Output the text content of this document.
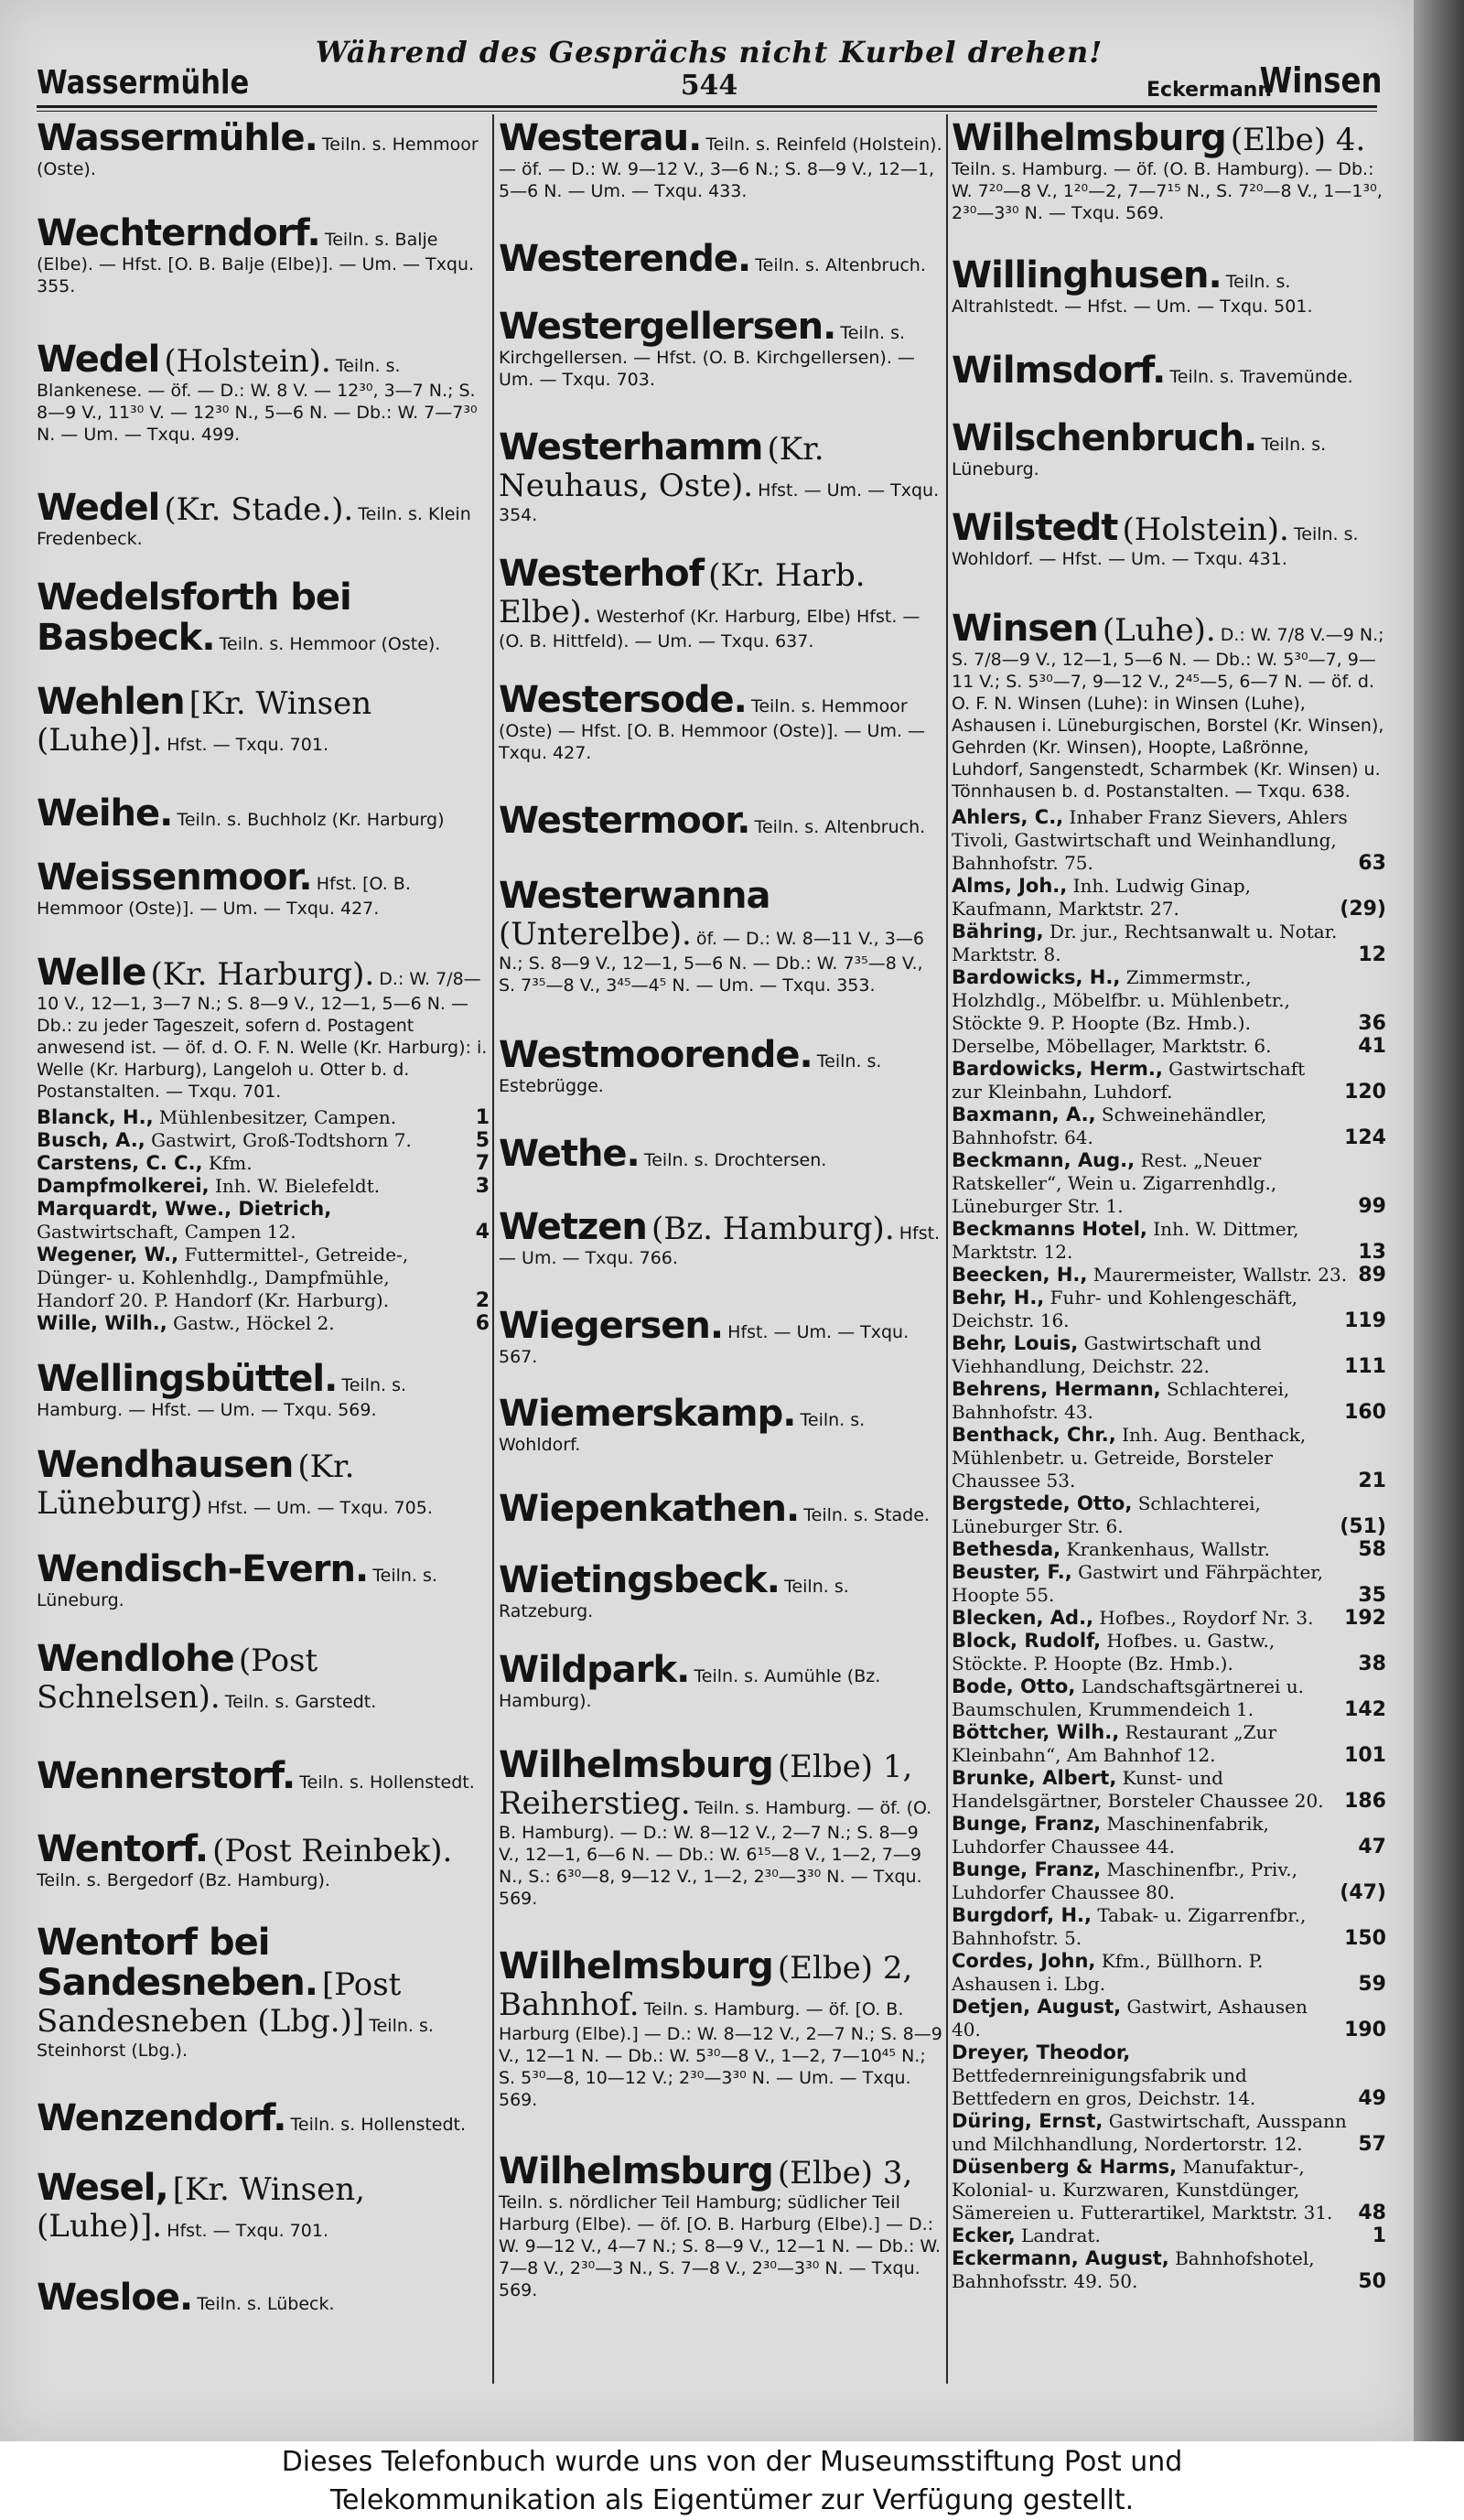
Während des Gesprächs nicht Kurbel drehen!
Wassermühle	544	Eckermann
Winsen
Wassermühle. Teiln. s. Hemmoor (Oste).
Wechterndorf. Teiln. s. Balje (Elbe). — Hfst. [O. B. Balje (Elbe)]. — Um. — Txqu. 355.
Wedel (Holstein). Teiln. s. Blankenese. — öf. — D.: W. 8 V. — 12³⁰, 3—7 N.; S. 8—9 V., 11³⁰ V. — 12³⁰ N., 5—6 N. — Db.: W. 7—7³⁰ N. — Um. — Txqu. 499.
Wedel (Kr. Stade.). Teiln. s. Klein Fredenbeck.
Wedelsforth bei Basbeck. Teiln. s. Hemmoor (Oste).
Wehlen [Kr. Winsen (Luhe)]. Hfst. — Txqu. 701.
Weihe. Teiln. s. Buchholz (Kr. Harburg)
Weissenmoor. Hfst. [O. B. Hemmoor (Oste)]. — Um. — Txqu. 427.
Welle (Kr. Harburg). D.: W. 7/8—10 V., 12—1, 3—7 N.; S. 8—9 V., 12—1, 5—6 N. — Db.: zu jeder Tageszeit, sofern d. Postagent anwesend ist. — öf. d. O. F. N. Welle (Kr. Harburg): i. Welle (Kr. Harburg), Langeloh u. Otter b. d. Postanstalten. — Txqu. 701.
Blanck, H., Mühlenbesitzer, Campen.	1
Busch, A., Gastwirt, Groß-Todtshorn 7.	5
Carstens, C. C., Kfm.	7
Dampfmolkerei, Inh. W. Bielefeldt.	3
Marquardt, Wwe., Dietrich, Gastwirtschaft, Campen 12.	4
Wegener, W., Futtermittel-, Getreide-, Dünger- u. Kohlenhdlg., Dampfmühle, Handorf 20. P. Handorf (Kr. Harburg).	2
Wille, Wilh., Gastw., Höckel 2.	6
Wellingsbüttel. Teiln. s. Hamburg. — Hfst. — Um. — Txqu. 569.
Wendhausen (Kr. Lüneburg) Hfst. — Um. — Txqu. 705.
Wendisch-Evern. Teiln. s. Lüneburg.
Wendlohe (Post Schnelsen). Teiln. s. Garstedt.
Wennerstorf. Teiln. s. Hollenstedt.
Wentorf. (Post Reinbek). Teiln. s. Bergedorf (Bz. Hamburg).
Wentorf bei Sandesneben. [Post Sandesneben (Lbg.)] Teiln. s. Steinhorst (Lbg.).
Wenzendorf. Teiln. s. Hollenstedt.
Wesel, [Kr. Winsen, (Luhe)]. Hfst. — Txqu. 701.
Wesloe. Teiln. s. Lübeck.
Westerau. Teiln. s. Reinfeld (Holstein). — öf. — D.: W. 9—12 V., 3—6 N.; S. 8—9 V., 12—1, 5—6 N. — Um. — Txqu. 433.
Westerende. Teiln. s. Altenbruch.
Westergellersen. Teiln. s. Kirchgellersen. — Hfst. (O. B. Kirchgellersen). — Um. — Txqu. 703.
Westerhamm (Kr. Neuhaus, Oste). Hfst. — Um. — Txqu. 354.
Westerhof (Kr. Harb. Elbe). Westerhof (Kr. Harburg, Elbe) Hfst. — (O. B. Hittfeld). — Um. — Txqu. 637.
Westersode. Teiln. s. Hemmoor (Oste) — Hfst. [O. B. Hemmoor (Oste)]. — Um. — Txqu. 427.
Westermoor. Teiln. s. Altenbruch.
Westerwanna (Unterelbe). öf. — D.: W. 8—11 V., 3—6 N.; S. 8—9 V., 12—1, 5—6 N. — Db.: W. 7³⁵—8 V., S. 7³⁵—8 V., 3⁴⁵—4⁵ N. — Um. — Txqu. 353.
Westmoorende. Teiln. s. Estebrügge.
Wethe. Teiln. s. Drochtersen.
Wetzen (Bz. Hamburg). Hfst. — Um. — Txqu. 766.
Wiegersen. Hfst. — Um. — Txqu. 567.
Wiemerskamp. Teiln. s. Wohldorf.
Wiepenkathen. Teiln. s. Stade.
Wietingsbeck. Teiln. s. Ratzeburg.
Wildpark. Teiln. s. Aumühle (Bz. Hamburg).
Wilhelmsburg (Elbe) 1, Reiherstieg. Teiln. s. Hamburg. — öf. (O. B. Hamburg). — D.: W. 8—12 V., 2—7 N.; S. 8—9 V., 12—1, 6—6 N. — Db.: W. 6¹⁵—8 V., 1—2, 7—9 N., S.: 6³⁰—8, 9—12 V., 1—2, 2³⁰—3³⁰ N. — Txqu. 569.
Wilhelmsburg (Elbe) 2, Bahnhof. Teiln. s. Hamburg. — öf. [O. B. Harburg (Elbe).] — D.: W. 8—12 V., 2—7 N.; S. 8—9 V., 12—1 N. — Db.: W. 5³⁰—8 V., 1—2, 7—10⁴⁵ N.; S. 5³⁰—8, 10—12 V.; 2³⁰—3³⁰ N. — Um. — Txqu. 569.
Wilhelmsburg (Elbe) 3, Teiln. s. nördlicher Teil Hamburg; südlicher Teil Harburg (Elbe). — öf. [O. B. Harburg (Elbe).] — D.: W. 9—12 V., 4—7 N.; S. 8—9 V., 12—1 N. — Db.: W. 7—8 V., 2³⁰—3 N., S. 7—8 V., 2³⁰—3³⁰ N. — Txqu. 569.
Wilhelmsburg (Elbe) 4. Teiln. s. Hamburg. — öf. (O. B. Hamburg). — Db.: W. 7²⁰—8 V., 1²⁰—2, 7—7¹⁵ N., S. 7²⁰—8 V., 1—1³⁰, 2³⁰—3³⁰ N. — Txqu. 569.
Willinghusen. Teiln. s. Altrahlstedt. — Hfst. — Um. — Txqu. 501.
Wilmsdorf. Teiln. s. Travemünde.
Wilschenbruch. Teiln. s. Lüneburg.
Wilstedt (Holstein). Teiln. s. Wohldorf. — Hfst. — Um. — Txqu. 431.
Winsen (Luhe). D.: W. 7/8 V.—9 N.; S. 7/8—9 V., 12—1, 5—6 N. — Db.: W. 5³⁰—7, 9—11 V.; S. 5³⁰—7, 9—12 V., 2⁴⁵—5, 6—7 N. — öf. d. O. F. N. Winsen (Luhe): in Winsen (Luhe), Ashausen i. Lüneburgischen, Borstel (Kr. Winsen), Gehrden (Kr. Winsen), Hoopte, Laßrönne, Luhdorf, Sangenstedt, Scharmbek (Kr. Winsen) u. Tönnhausen b. d. Postanstalten. — Txqu. 638.
Ahlers, C., Inhaber Franz Sievers, Ahlers Tivoli, Gastwirtschaft und Weinhandlung, Bahnhofstr. 75.	63
Alms, Joh., Inh. Ludwig Ginap, Kaufmann, Marktstr. 27.	(29)
Bähring, Dr. jur., Rechtsanwalt u. Notar. Marktstr. 8.	12
Bardowicks, H., Zimmermstr., Holzhdlg., Möbelfbr. u. Mühlenbetr., Stöckte 9. P. Hoopte (Bz. Hmb.).	36
Derselbe, Möbellager, Marktstr. 6.	41
Bardowicks, Herm., Gastwirtschaft zur Kleinbahn, Luhdorf.	120
Baxmann, A., Schweinehändler, Bahnhofstr. 64.	124
Beckmann, Aug., Rest. „Neuer Ratskeller“, Wein u. Zigarrenhdlg., Lüneburger Str. 1.	99
Beckmanns Hotel, Inh. W. Dittmer, Marktstr. 12.	13
Beecken, H., Maurermeister, Wallstr. 23. 89
Behr, H., Fuhr- und Kohlengeschäft, Deichstr. 16.	119
Behr, Louis, Gastwirtschaft und Viehhandlung, Deichstr. 22.	111
Behrens, Hermann, Schlachterei, Bahnhofstr. 43.	160
Benthack, Chr., Inh. Aug. Benthack, Mühlenbetr. u. Getreide, Borsteler Chaussee 53.	21
Bergstede, Otto, Schlachterei, Lüneburger Str. 6.	(51)
Bethesda, Krankenhaus, Wallstr.	58
Beuster, F., Gastwirt und Fährpächter, Hoopte 55.	35
Blecken, Ad., Hofbes., Roydorf Nr. 3.	192
Block, Rudolf, Hofbes. u. Gastw., Stöckte. P. Hoopte (Bz. Hmb.).	38
Bode, Otto, Landschaftsgärtnerei u. Baumschulen, Krummendeich 1.	142
Böttcher, Wilh., Restaurant „Zur Kleinbahn“, Am Bahnhof 12.	101
Brunke, Albert, Kunst- und Handelsgärtner, Borsteler Chaussee 20.	186
Bunge, Franz, Maschinenfabrik, Luhdorfer Chaussee 44.	47
Bunge, Franz, Maschinenfbr., Priv., Luhdorfer Chaussee 80.	(47)
Burgdorf, H., Tabak- u. Zigarrenfbr., Bahnhofstr. 5.	150
Cordes, John, Kfm., Büllhorn. P. Ashausen i. Lbg.	59
Detjen, August, Gastwirt, Ashausen 40.	190
Dreyer, Theodor, Bettfedernreinigungsfabrik und Bettfedern en gros, Deichstr. 14.	49
Düring, Ernst, Gastwirtschaft, Ausspann und Milchhandlung, Nordertorstr. 12.	57
Düsenberg & Harms, Manufaktur-, Kolonial- u. Kurzwaren, Kunstdünger, Sämereien u. Futterartikel, Marktstr. 31.	48
Ecker, Landrat.	1
Eckermann, August, Bahnhofshotel, Bahnhofsstr. 49. 50.	50
Dieses Telefonbuch wurde uns von der Museumsstiftung Post und
Telekommunikation als Eigentümer zur Verfügung gestellt.
